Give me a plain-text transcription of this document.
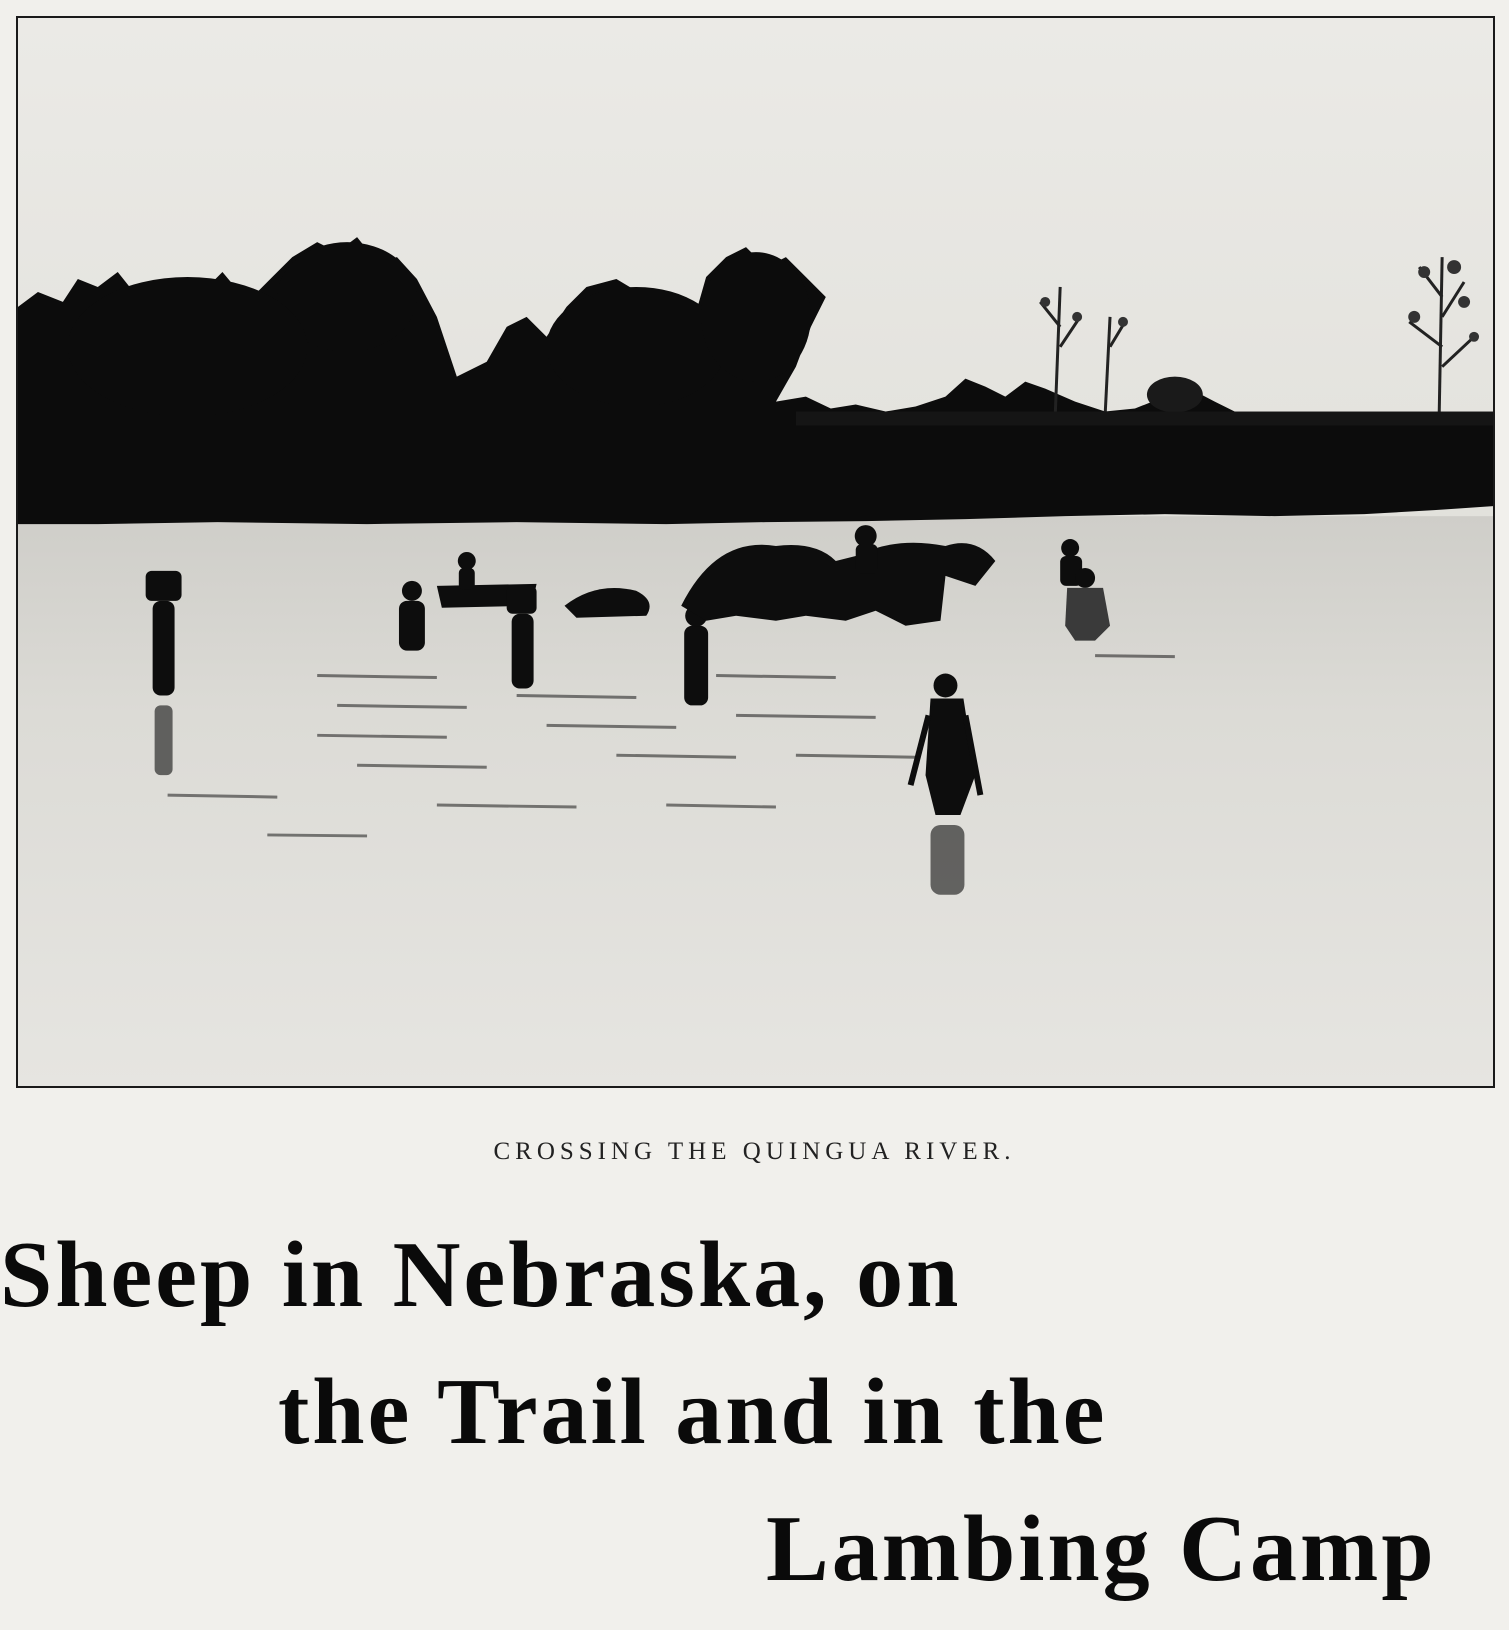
CROSSING THE QUINGUA RIVER.
Sheep in Nebraska, on
the Trail and in the
Lambing Camp
